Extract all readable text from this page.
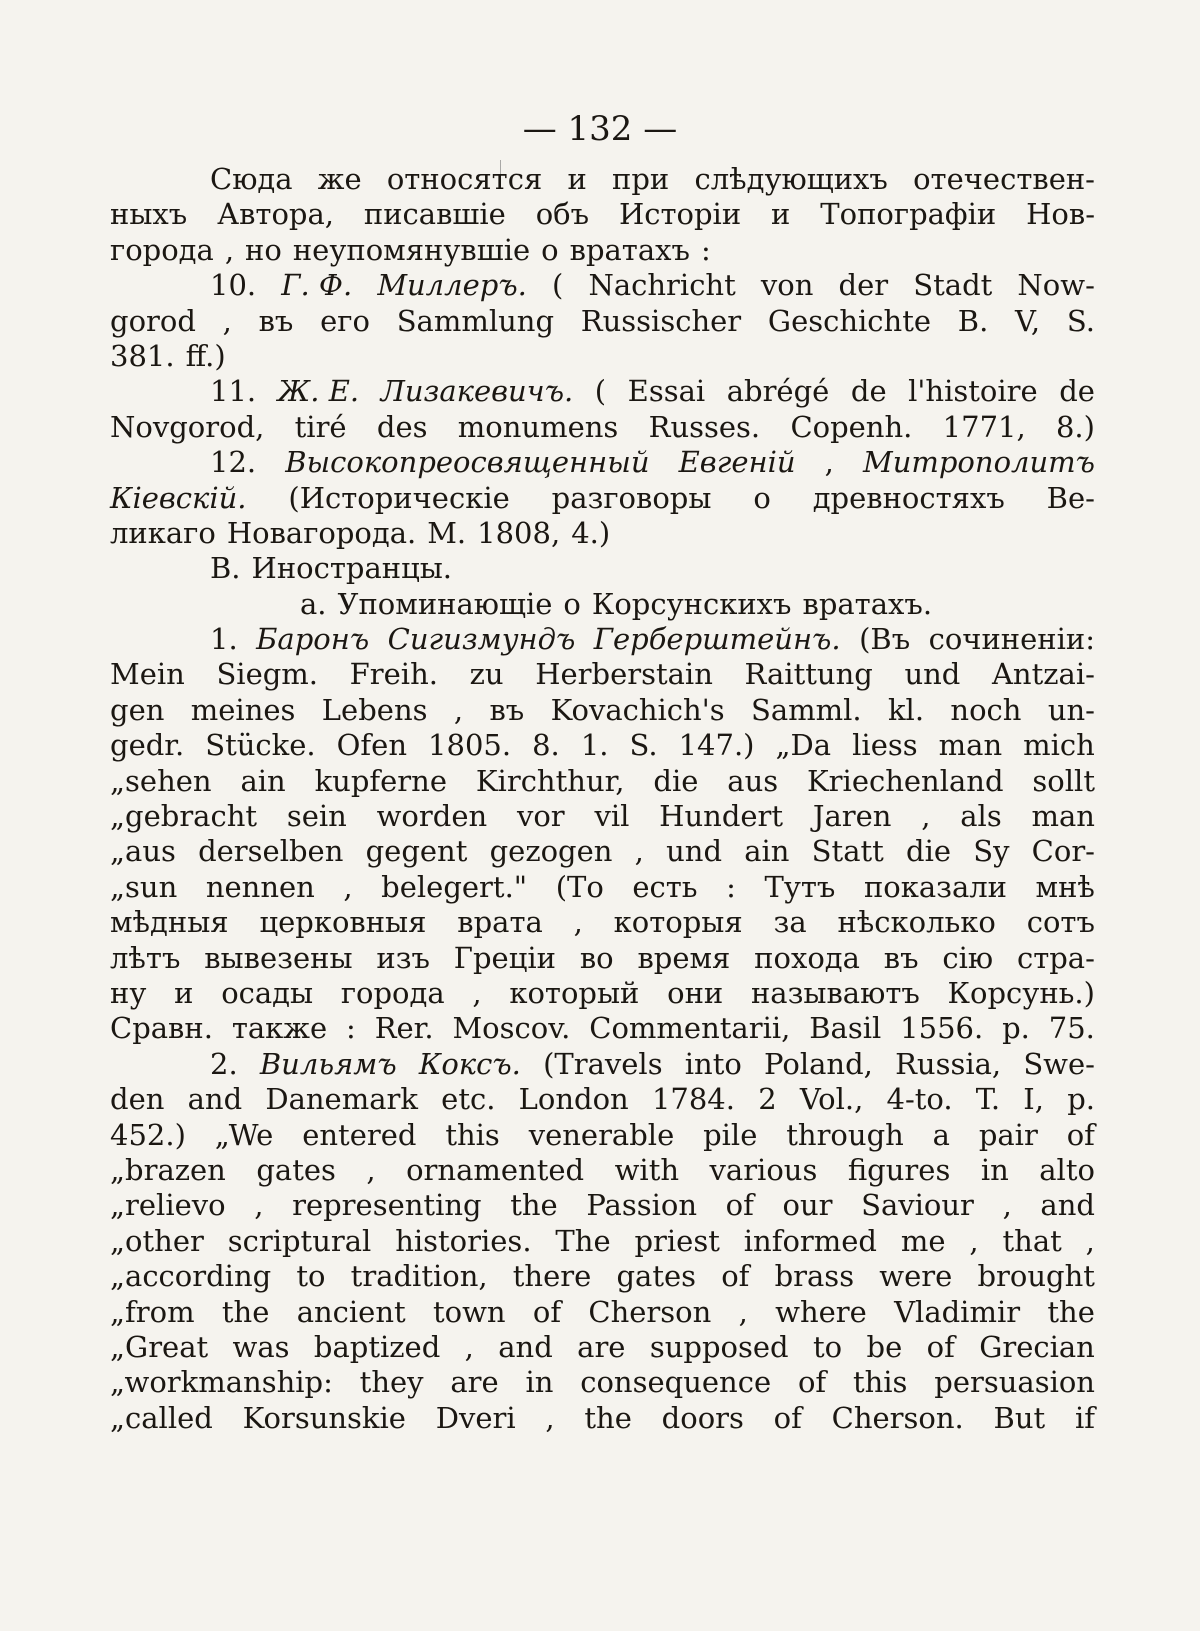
— 132 —
Сюда же относятся и при слѣдующихъ отечествен-
ныхъ Автора, писавшіе объ Исторіи и Топографіи Нов-
города , но неупомянувшіе о вратахъ :
10. Г. Ф. Миллеръ. ( Nachricht von der Stadt Now-
gorod , въ его Sammlung Russischer Geschichte B. V, S.
381. ff.)
11. Ж. Е. Лизакевичъ. ( Essai abrégé de l'histoire de
Novgorod, tiré des monumens Russes. Copenh. 1771, 8.)
12. Высокопреосвященный Евгеній , Митрополитъ
Кіевскій. (Историческіе разговоры о древностяхъ Ве-
ликаго Новагорода. М. 1808, 4.)
В. Иностранцы.
а. Упоминающіе о Корсунскихъ вратахъ.
1. Баронъ Сигизмундъ Герберштейнъ. (Въ сочиненіи:
Mein Siegm. Freih. zu Herberstain Raittung und Antzai-
gen meines Lebens , въ Kovachich's Samml. kl. noch un-
gedr. Stücke. Ofen 1805. 8. 1. S. 147.) „Da liess man mich
„sehen ain kupferne Kirchthur, die aus Kriechenland sollt
„gebracht sein worden vor vil Hundert Jaren , als man
„aus derselben gegent gezogen , und ain Statt die Sy Cor-
„sun nennen , belegert." (То есть : Тутъ показали мнѣ
мѣдныя церковныя врата , которыя за нѣсколько сотъ
лѣтъ вывезены изъ Греціи во время похода въ сію стра-
ну и осады города , который они называютъ Корсунь.)
Сравн. также : Rer. Moscov. Commentarii, Basil 1556. p. 75.
2. Вильямъ Коксъ. (Travels into Poland, Russia, Swe-
den and Danemark etc. London 1784. 2 Vol., 4-to. T. I, p.
452.) „We entered this venerable pile through a pair of
„brazen gates , ornamented with various figures in alto
„relievo , representing the Passion of our Saviour , and
„other scriptural histories. The priest informed me , that ,
„according to tradition, there gates of brass were brought
„from the ancient town of Cherson , where Vladimir the
„Great was baptized , and are supposed to be of Grecian
„workmanship: they are in consequence of this persuasion
„called Korsunskie Dveri , the doors of Cherson. But if
